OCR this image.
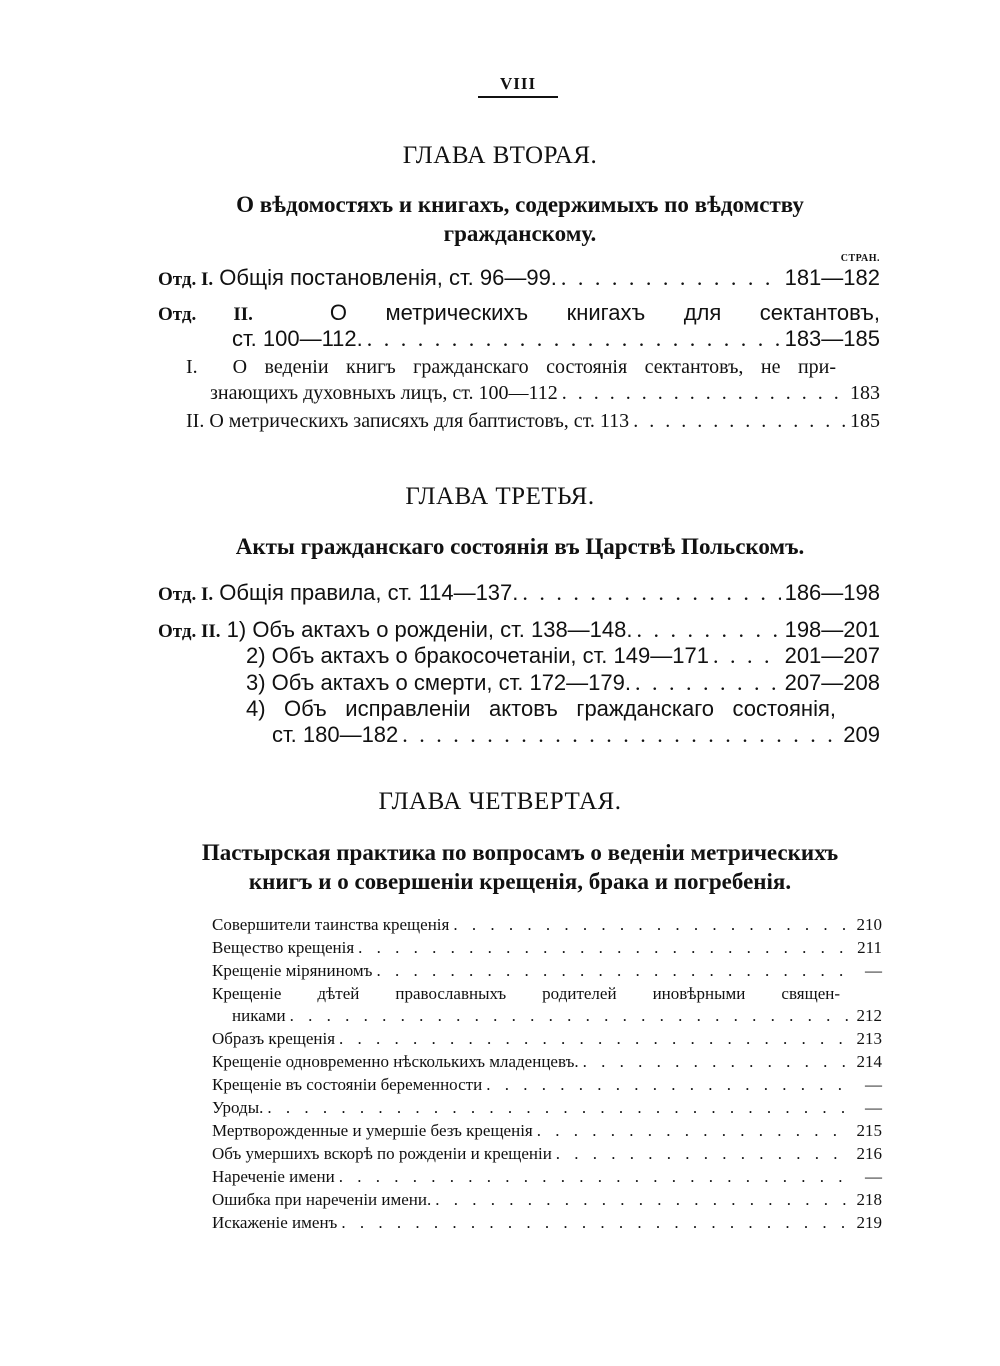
VIII
ГЛАВА ВТОРАЯ.
О вѣдомостяхъ и книгахъ, содержимыхъ по вѣдомству
гражданскому.
СТРАН.
Отд. I.
Общія постановленія, ст. 96—99. . . .	181—182
Отд. II.	О метрическихъ книгахъ для сектантовъ,
ст. 100—112. . . .	183—185
I. О веденіи книгъ гражданскаго состоянія сектантовъ, не при-
знающихъ духовныхъ лицъ, ст. 100—112 . . .	183
II.
О метрическихъ записяхъ для баптистовъ, ст. 113 . . .	185
ГЛАВА ТРЕТЬЯ.
Акты гражданскаго состоянія въ Царствѣ Польскомъ.
Отд. I.
Общія правила, ст. 114—137. . . .	186—198
Отд. II.
1) Объ актахъ о рожденіи, ст. 138—148. . . .	198—201
2) Объ актахъ о бракосочетаніи, ст. 149—171 . . .	201—207
3) Объ актахъ о смерти, ст. 172—179. . . .	207—208
4) Объ исправленіи актовъ гражданскаго состоянія,
ст. 180—182 . . .	209
ГЛАВА ЧЕТВЕРТАЯ.
Пастырская практика по вопросамъ о веденіи метрическихъ
книгъ и о совершеніи крещенія, брака и погребенія.
Совершители таинства крещенія . . .	210
Вещество крещенія . . .	211
Крещеніе міряниномъ . . .	—
Крещеніе дѣтей православныхъ родителей иновѣрными священ-
никами . . .	212
Образъ крещенія . . .	213
Крещеніе одновременно нѣсколькихъ младенцевъ. . . .	214
Крещеніе въ состояніи беременности . . .	—
Уроды. . . .	—
Мертворожденные и умершіе безъ крещенія . . .	215
Объ умершихъ вскорѣ по рожденіи и крещеніи . . .	216
Нареченіе имени . . .	—
Ошибка при нареченіи имени. . . .	218
Искаженіе именъ . . .	219
